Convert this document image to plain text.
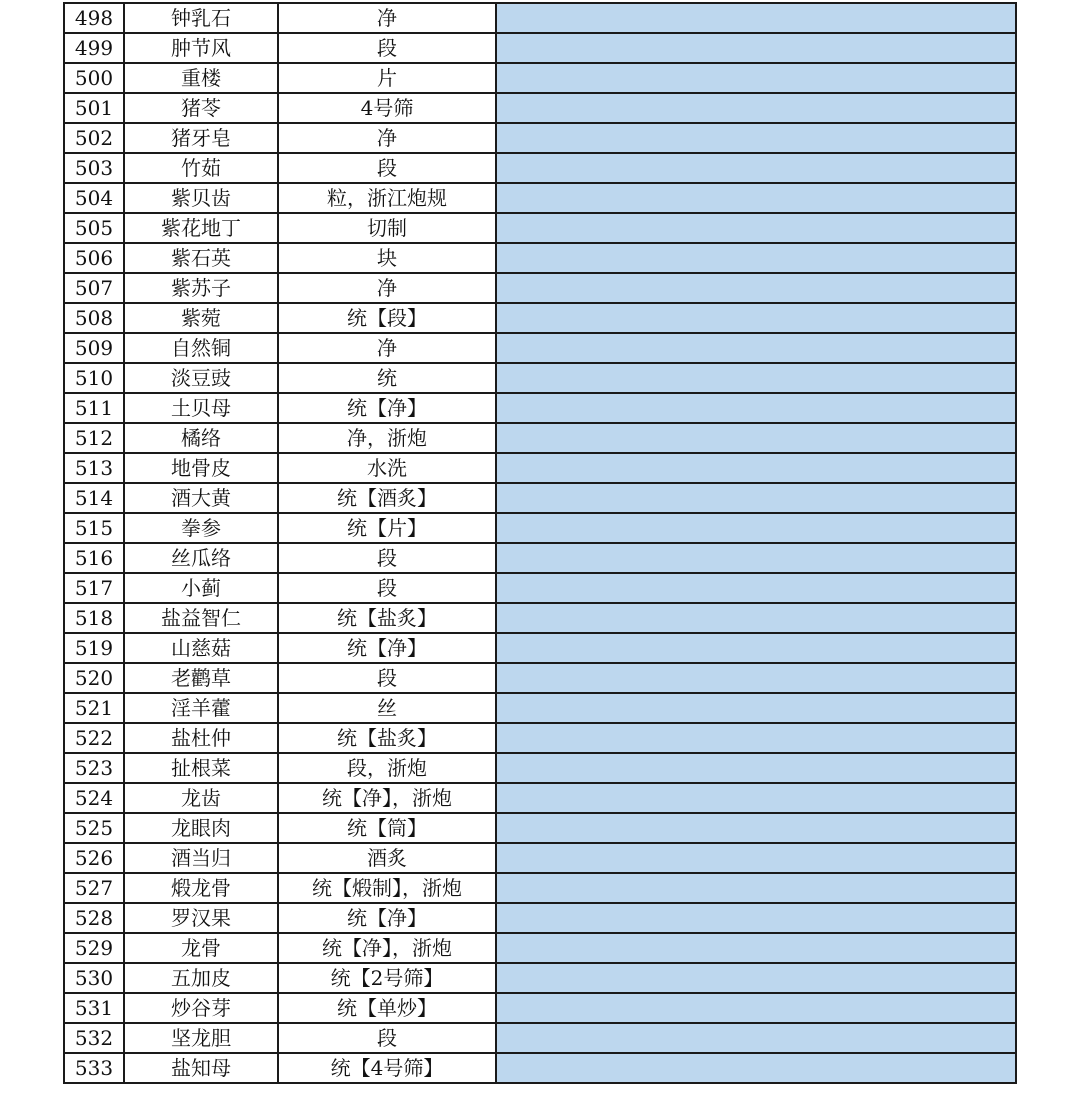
498	钟乳石	净	
499	肿节风	段	
500	重楼	片	
501	猪苓	4号筛	
502	猪牙皂	净	
503	竹茹	段	
504	紫贝齿	粒，浙江炮规	
505	紫花地丁	切制	
506	紫石英	块	
507	紫苏子	净	
508	紫菀	统【段】	
509	自然铜	净	
510	淡豆豉	统	
511	土贝母	统【净】	
512	橘络	净，浙炮	
513	地骨皮	水洗	
514	酒大黄	统【酒炙】	
515	拳参	统【片】	
516	丝瓜络	段	
517	小蓟	段	
518	盐益智仁	统【盐炙】	
519	山慈菇	统【净】	
520	老鹳草	段	
521	淫羊藿	丝	
522	盐杜仲	统【盐炙】	
523	扯根菜	段，浙炮	
524	龙齿	统【净】，浙炮	
525	龙眼肉	统【筒】	
526	酒当归	酒炙	
527	煅龙骨	统【煅制】，浙炮	
528	罗汉果	统【净】	
529	龙骨	统【净】，浙炮	
530	五加皮	统【2号筛】	
531	炒谷芽	统【单炒】	
532	坚龙胆	段	
533	盐知母	统【4号筛】	
